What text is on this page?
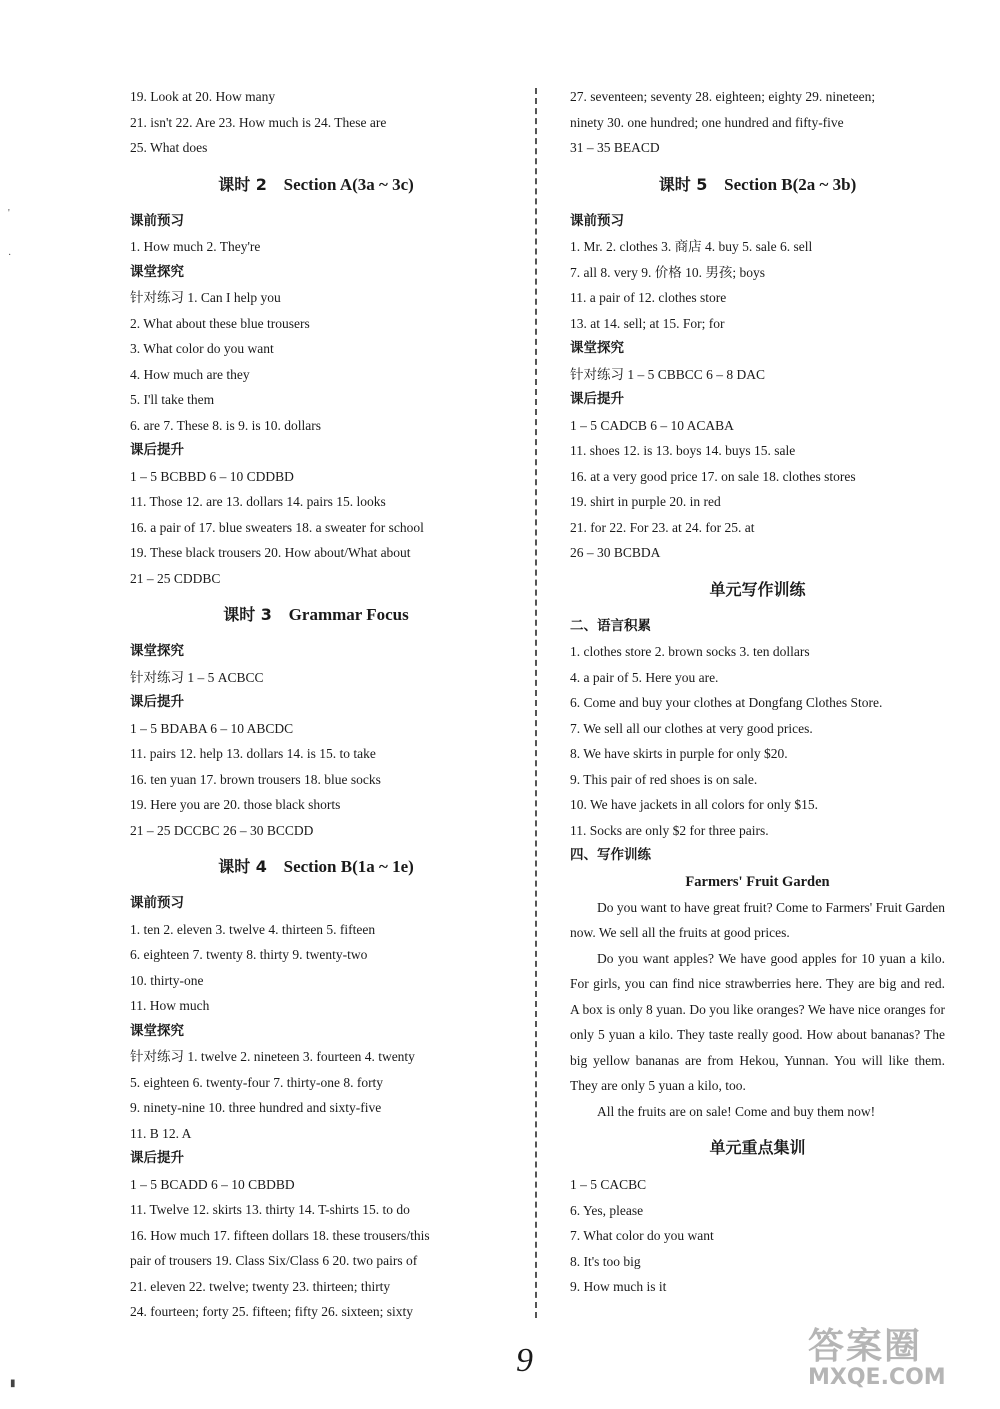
19. Look at 20. How many
21. isn't 22. Are 23. How much is 24. These are
25. What does
课时 2 Section A(3a ~ 3c)
课前预习
1. How much 2. They're
课堂探究
针对练习 1. Can I help you
2. What about these blue trousers
3. What color do you want
4. How much are they
5. I'll take them
6. are 7. These 8. is 9. is 10. dollars
课后提升
1 – 5 BCBBD 6 – 10 CDDBD
11. Those 12. are 13. dollars 14. pairs 15. looks
16. a pair of 17. blue sweaters 18. a sweater for school
19. These black trousers 20. How about/What about
21 – 25 CDDBC
课时 3 Grammar Focus
课堂探究
针对练习 1 – 5 ACBCC
课后提升
1 – 5 BDABA 6 – 10 ABCDC
11. pairs 12. help 13. dollars 14. is 15. to take
16. ten yuan 17. brown trousers 18. blue socks
19. Here you are 20. those black shorts
21 – 25 DCCBC 26 – 30 BCCDD
课时 4 Section B(1a ~ 1e)
课前预习
1. ten 2. eleven 3. twelve 4. thirteen 5. fifteen
6. eighteen 7. twenty 8. thirty 9. twenty-two
10. thirty-one
11. How much
课堂探究
针对练习 1. twelve 2. nineteen 3. fourteen 4. twenty
5. eighteen 6. twenty-four 7. thirty-one 8. forty
9. ninety-nine 10. three hundred and sixty-five
11. B 12. A
课后提升
1 – 5 BCADD 6 – 10 CBDBD
11. Twelve 12. skirts 13. thirty 14. T-shirts 15. to do
16. How much 17. fifteen dollars 18. these trousers/this
pair of trousers 19. Class Six/Class 6 20. two pairs of
21. eleven 22. twelve; twenty 23. thirteen; thirty
24. fourteen; forty 25. fifteen; fifty 26. sixteen; sixty
27. seventeen; seventy 28. eighteen; eighty 29. nineteen;
ninety 30. one hundred; one hundred and fifty-five
31 – 35 BEACD
课时 5 Section B(2a ~ 3b)
课前预习
1. Mr. 2. clothes 3. 商店 4. buy 5. sale 6. sell
7. all 8. very 9. 价格 10. 男孩; boys
11. a pair of 12. clothes store
13. at 14. sell; at 15. For; for
课堂探究
针对练习 1 – 5 CBBCC 6 – 8 DAC
课后提升
1 – 5 CADCB 6 – 10 ACABA
11. shoes 12. is 13. boys 14. buys 15. sale
16. at a very good price 17. on sale 18. clothes stores
19. shirt in purple 20. in red
21. for 22. For 23. at 24. for 25. at
26 – 30 BCBDA
单元写作训练
二、语言积累
1. clothes store 2. brown socks 3. ten dollars
4. a pair of 5. Here you are.
6. Come and buy your clothes at Dongfang Clothes Store.
7. We sell all our clothes at very good prices.
8. We have skirts in purple for only $20.
9. This pair of red shoes is on sale.
10. We have jackets in all colors for only $15.
11. Socks are only $2 for three pairs.
四、写作训练
Farmers' Fruit Garden
Do you want to have great fruit? Come to Farmers' Fruit Garden now. We sell all the fruits at good prices.
Do you want apples? We have good apples for 10 yuan a kilo. For girls, you can find nice strawberries here. They are big and red. A box is only 8 yuan. Do you like oranges? We have nice oranges for only 5 yuan a kilo. They taste really good. How about bananas? The big yellow bananas are from Hekou, Yunnan. You will like them. They are only 5 yuan a kilo, too.
All the fruits are on sale! Come and buy them now!
单元重点集训
1 – 5 CACBC
6. Yes, please
7. What color do you want
8. It's too big
9. How much is it
'
·
▮
9	答案圈
MXQE.COM
